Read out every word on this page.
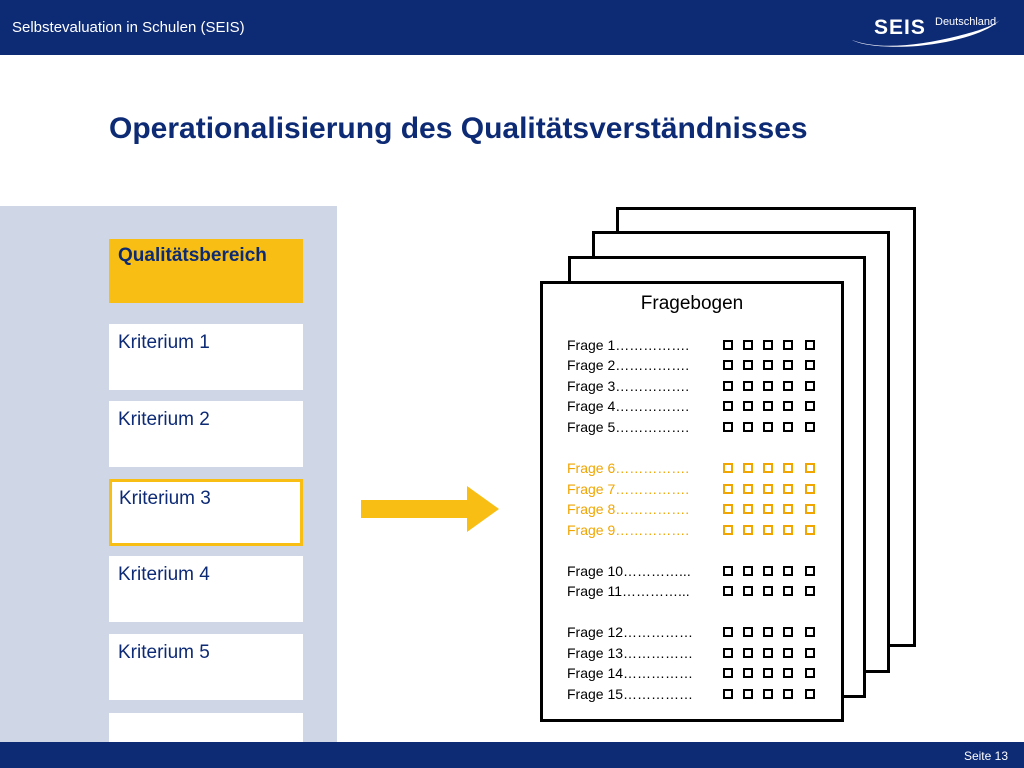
Selbstevaluation in Schulen (SEIS)	SEIS Deutschland
Operationalisierung des Qualitätsverständnisses
Qualitätsbereich
Kriterium 1
Kriterium 2
Kriterium 3
Kriterium 4
Kriterium 5
Fragebogen
Frage 1…………….
Frage 2…………….
Frage 3…………….
Frage 4…………….
Frage 5…………….
Frage 6…………….
Frage 7…………….
Frage 8…………….
Frage 9…………….
Frage 10…………...
Frage 11…………...
Frage 12……………
Frage 13……………
Frage 14……………
Frage 15……………
Seite 13
